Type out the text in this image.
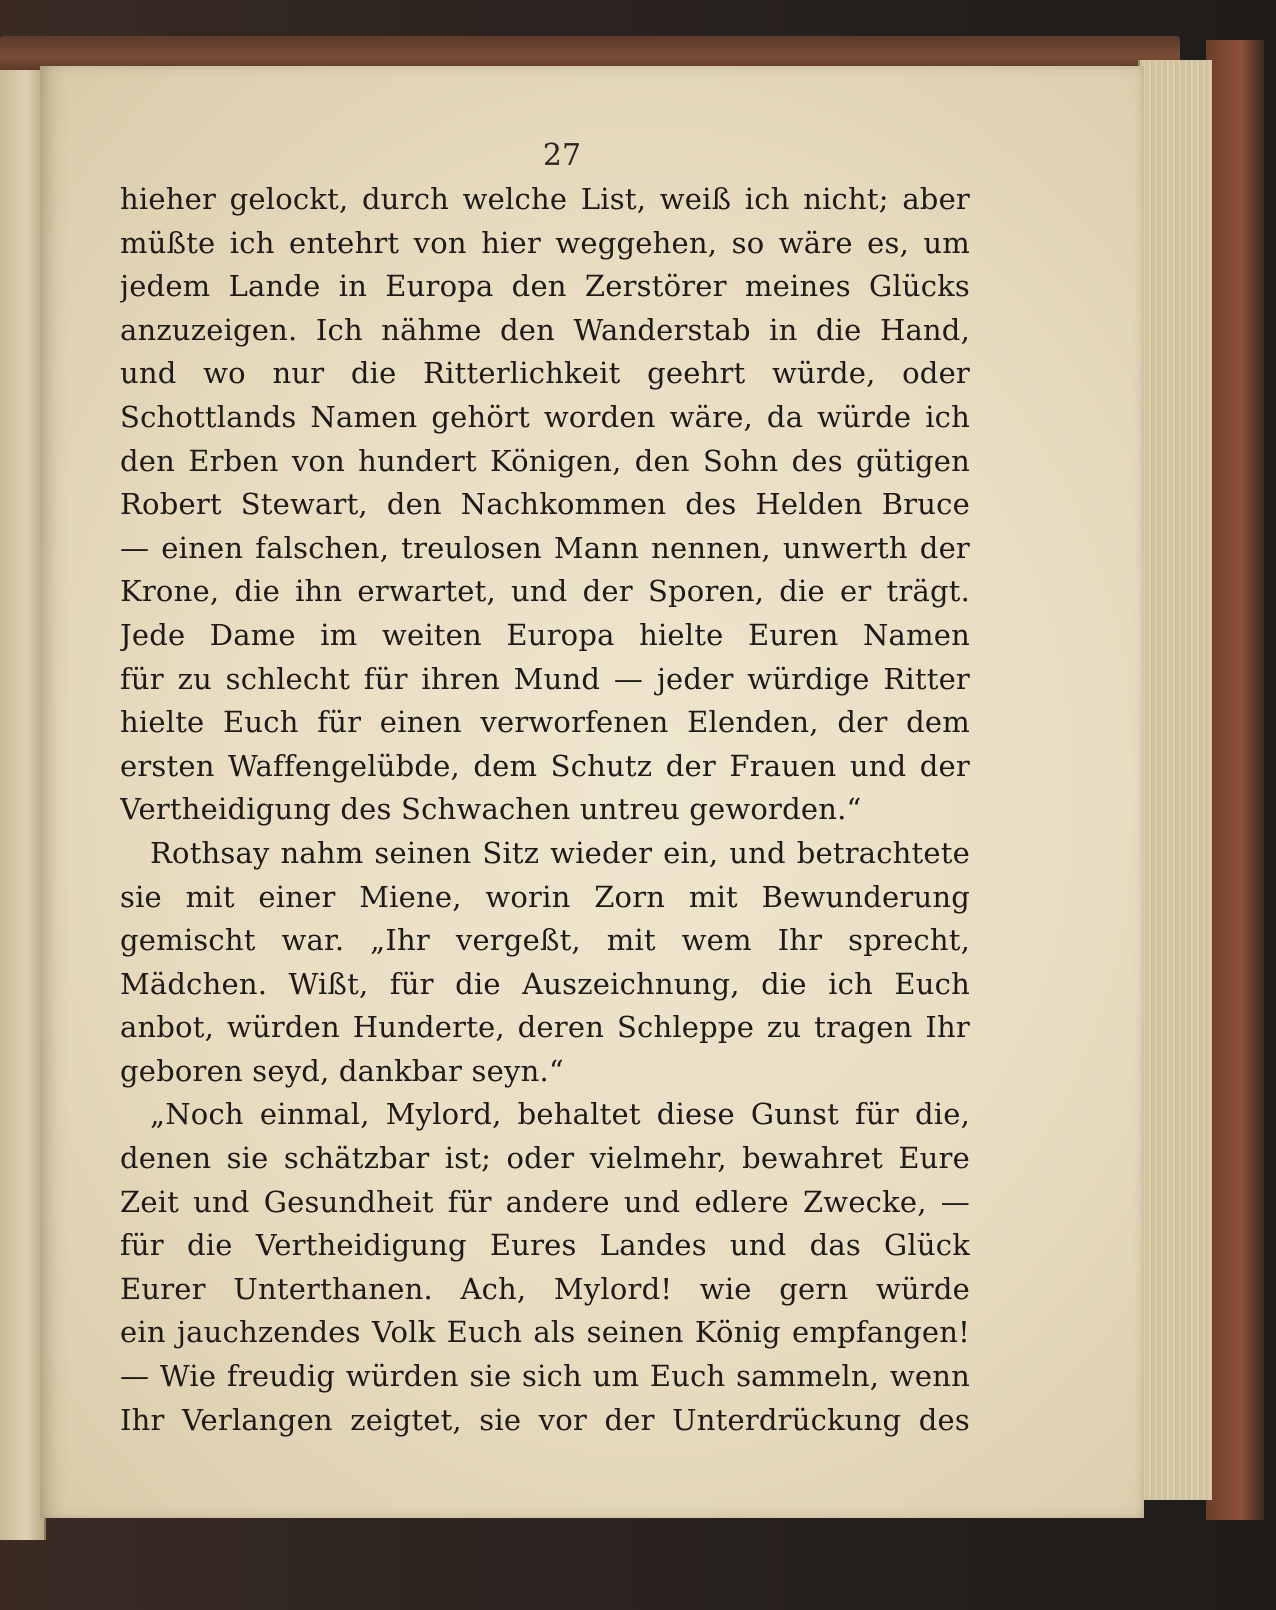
27
hieher gelockt, durch welche List, weiß ich nicht; aber
müßte ich entehrt von hier weggehen, so wäre es, um
jedem Lande in Europa den Zerstörer meines Glücks
anzuzeigen. Ich nähme den Wanderstab in die Hand,
und wo nur die Ritterlichkeit geehrt würde, oder
Schottlands Namen gehört worden wäre, da würde ich
den Erben von hundert Königen, den Sohn des gütigen
Robert Stewart, den Nachkommen des Helden Bruce
— einen falschen, treulosen Mann nennen, unwerth der
Krone, die ihn erwartet, und der Sporen, die er trägt.
Jede Dame im weiten Europa hielte Euren Namen
für zu schlecht für ihren Mund — jeder würdige Ritter
hielte Euch für einen verworfenen Elenden, der dem
ersten Waffengelübde, dem Schutz der Frauen und der
Vertheidigung des Schwachen untreu geworden.“
Rothsay nahm seinen Sitz wieder ein, und betrachtete
sie mit einer Miene, worin Zorn mit Bewunderung
gemischt war. „Ihr vergeßt, mit wem Ihr sprecht,
Mädchen. Wißt, für die Auszeichnung, die ich Euch
anbot, würden Hunderte, deren Schleppe zu tragen Ihr
geboren seyd, dankbar seyn.“
„Noch einmal, Mylord, behaltet diese Gunst für die,
denen sie schätzbar ist; oder vielmehr, bewahret Eure
Zeit und Gesundheit für andere und edlere Zwecke, —
für die Vertheidigung Eures Landes und das Glück
Eurer Unterthanen. Ach, Mylord! wie gern würde
ein jauchzendes Volk Euch als seinen König empfangen!
— Wie freudig würden sie sich um Euch sammeln, wenn
Ihr Verlangen zeigtet, sie vor der Unterdrückung des
